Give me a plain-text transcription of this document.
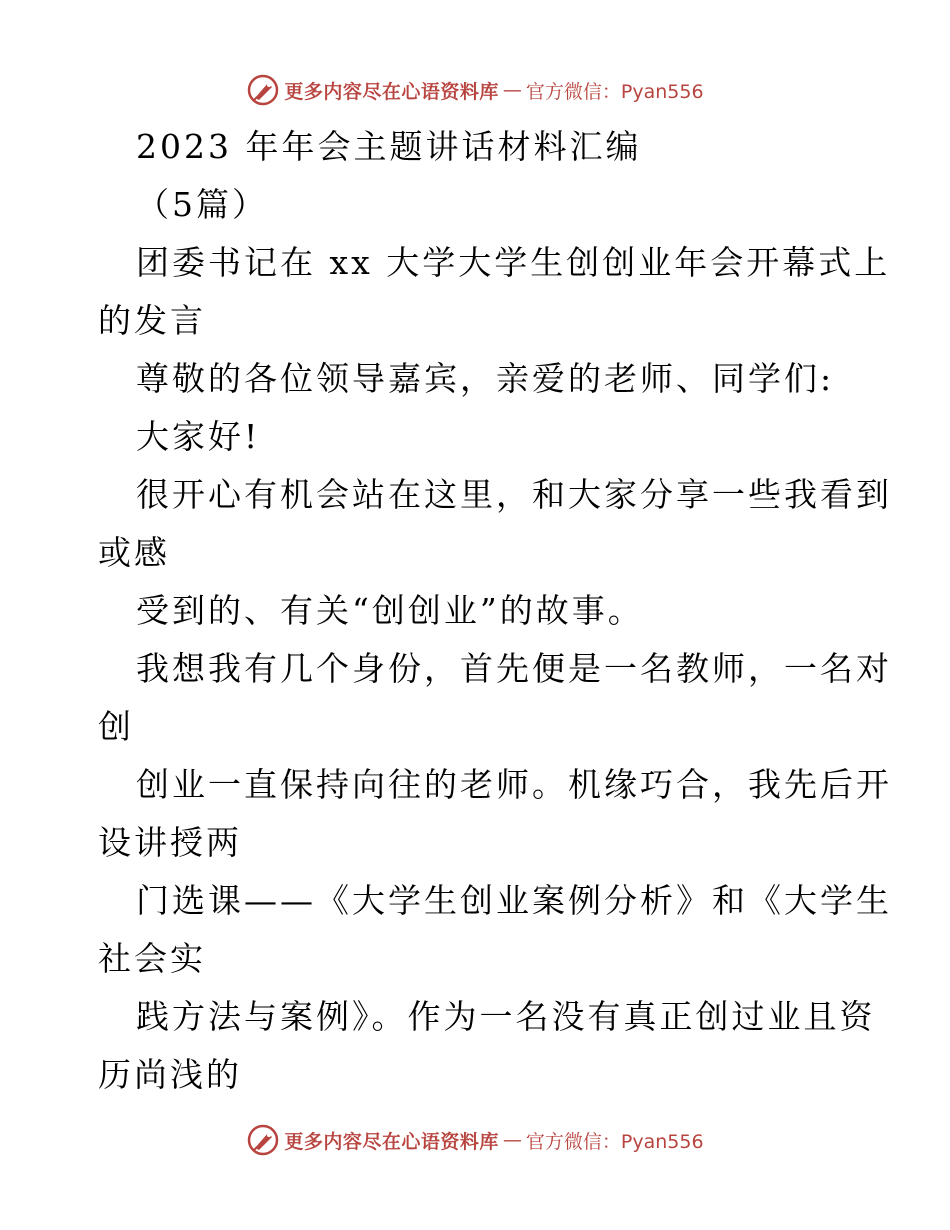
更多内容尽在心语资料库 — 官方微信：Pyan556
2023 年年会主题讲话材料汇编
（5篇）
团委书记在 xx 大学大学生创创业年会开幕式上
的发言
尊敬的各位领导嘉宾，亲爱的老师、同学们:
大家好!
很开心有机会站在这里，和大家分享一些我看到
或感
受到的、有关“创创业”的故事。
我想我有几个身份，首先便是一名教师，一名对
创
创业一直保持向往的老师。机缘巧合，我先后开
设讲授两
门选课——《大学生创业案例分析》和《大学生
社会实
践方法与案例》。作为一名没有真正创过业且资
历尚浅的
更多内容尽在心语资料库 — 官方微信：Pyan556
